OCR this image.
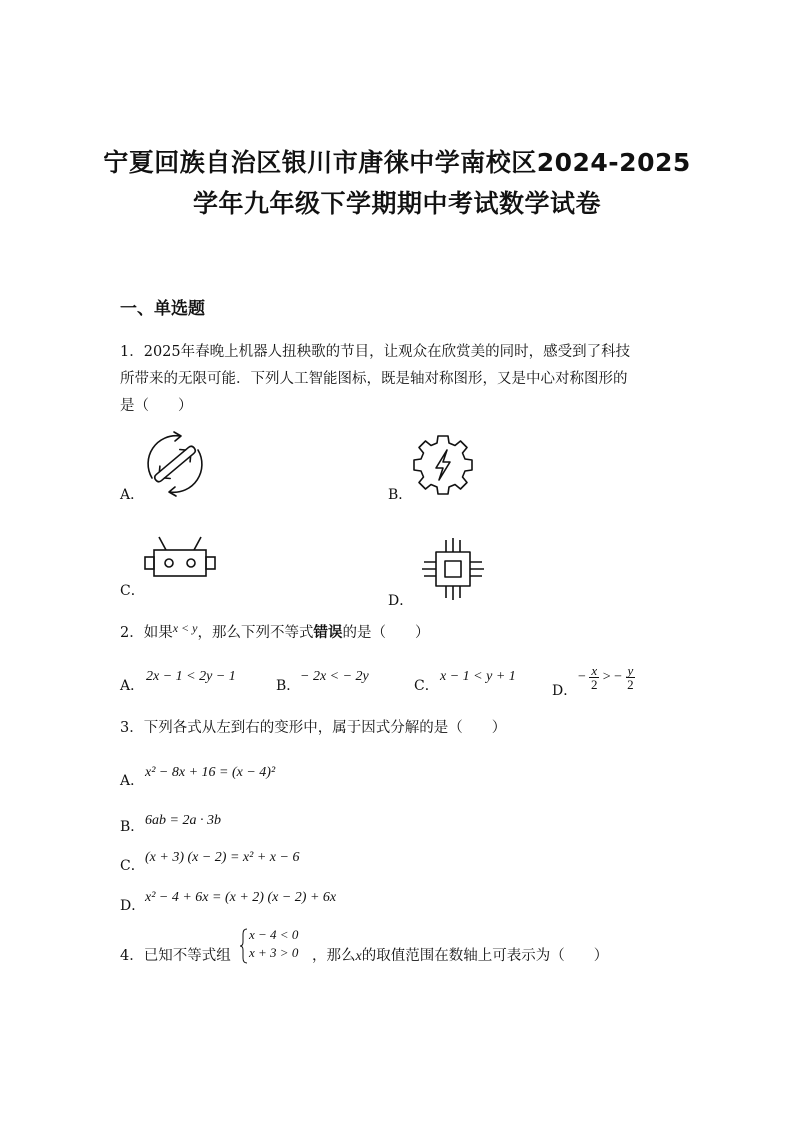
宁夏回族自治区银川市唐徕中学南校区2024-2025
学年九年级下学期期中考试数学试卷
一、单选题
1．2025年春晚上机器人扭秧歌的节目，让观众在欣赏美的同时，感受到了科技
所带来的无限可能．下列人工智能图标，既是轴对称图形，又是中心对称图形的
是（　　）
A．	B．
C．
D．
2．如果$^{x < y}$，那么下列不等式错误的是（　　）
A．
2x − 1 < 2y − 1
B．
− 2x < − 2y
C．
x − 1 < y + 1
D．
− $\frac{x}{2}$ > − $\frac{y}{2}$
3．下列各式从左到右的变形中，属于因式分解的是（　　）
A．
x² − 8x + 16 = (x − 4)²
B． 6ab = 2a · 3b
C．
(x + 3) (x − 2) = x² + x − 6
D．
x² − 4 + 6x = (x + 2) (x − 2) + 6x
4．已知不等式组
x − 4 < 0
x + 3 > 0 ，那么x的取值范围在数轴上可表示为（　　）
